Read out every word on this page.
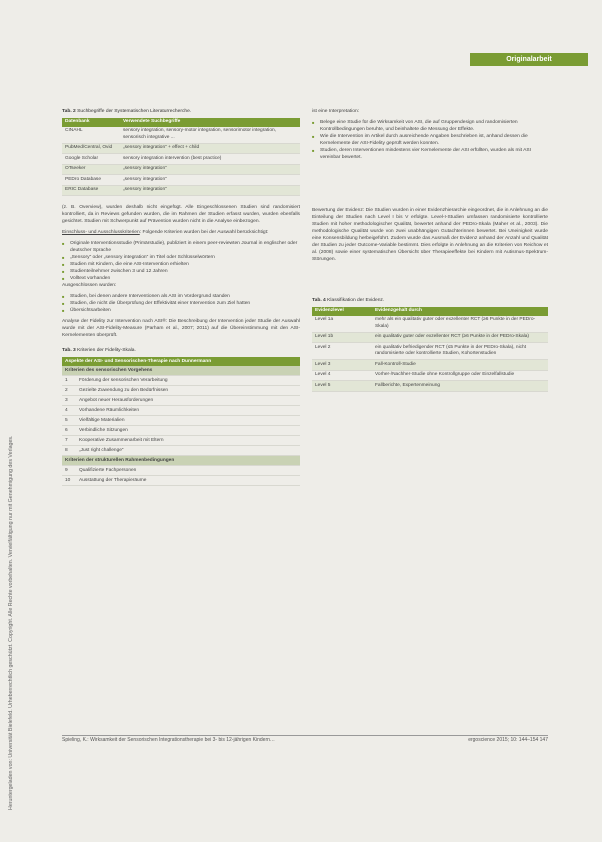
Originalarbeit
Heruntergeladen von: Universität Bielefeld. Urheberrechtlich geschützt. Copyright. Alle Rechte vorbehalten. Vervielfältigung nur mit Genehmigung des Verlages.
Tab. 2 Suchbegriffe der Systematischen Literaturrecherche.
Datenbank	Verwendete Suchbegriffe
CINAHL	sensory integration, sensory-motor integration, sensorimotor integration, sensorisch integrative ...
PubMed/Central, Ovid	„sensory integration“ + effect + child
Google Scholar	sensory integration intervention (best practice)
OTseeker	„sensory integration“
PEDro Database	„sensory integration“
ERIC Database	„sensory integration“

(z. B. Overview), wurden deshalb nicht eingefügt. Alle Eingeschlossenen Studien sind randomisiert kontrolliert, da in Reviews gefunden wurden, die im Rahmen der Studien erfasst wurden, wurden ebenfalls gesichtet. Studien mit Schwerpunkt auf Prävention wurden nicht in die Analyse einbezogen.

Einschluss- und Ausschlusskriterien: Folgende Kriterien wurden bei der Auswahl berücksichtigt:

■ Originale Interventionsstudie (Primärstudie), publiziert in einem peer-reviewten Journal in englischer oder deutscher Sprache
■ „Sensory“ oder „sensory integration“ im Titel oder Schlüsselwörtern
■ Studien mit Kindern, die eine ASI-Intervention erhielten
■ Studienteilnehmer zwischen 3 und 12 Jahren
■ Volltext vorhanden

Ausgeschlossen wurden:

■ Studien, bei denen andere Interventionen als ASI im Vordergrund standen
■ Studien, die nicht die Überprüfung der Effektivität einer Intervention zum Ziel hatten
■ Übersichtsarbeiten

Analyse der Fidelity zur Intervention nach ASI®: Die Beschreibung der Intervention jeder Studie der Auswahl wurde mit der ASI-Fidelity-Measure (Parham et al., 2007; 2011) auf die Übereinstimmung mit den ASI-Kernelementen überprüft.

Tab. 3 Kriterien der Fidelity-Skala.
Aspekte der ASI- und Sensorischen-Therapie nach Dunnermann	
Kriterien des sensorischen Vorgehens	
1	Förderung der sensorischen Verarbeitung
2	Gezielte Zuwendung zu den Bedürfnissen
3	Angebot neuer Herausforderungen
4	Vorhandene Räumlichkeiten
5	Vielfältige Materialien
6	Verbindliche Sitzungen
7	Kooperative Zusammenarbeit mit Eltern
8	„Just right challenge“
Kriterien der strukturellen Rahmenbedingungen	
9	Qualifizierte Fachpersonen
10	Ausstattung der Therapieräume

ist eine Interpretation:

■ Belege eine Studie für die Wirksamkeit von ASI, die auf Gruppendesign und randomisierten Kontrollbedingungen beruhte, und beinhaltete die Messung der Effekte.
■ Wie die Intervention im Artikel durch ausreichende Angaben beschrieben ist, anhand dessen die Kernelemente der ASI-Fidelity geprüft werden konnten.
■ Studien, deren Interventionen mindestens vier Kernelemente der ASI erfüllten, wurden als mit ASI vereinbar bewertet.

Bewertung der Evidenz: Die Studien wurden in einer Evidenzhierarchie eingeordnet, die in Anlehnung an die Einteilung der Studien nach Level I bis V erfolgte. Level-I-Studien umfassen randomisierte kontrollierte Studien mit hoher methodologischer Qualität, bewertet anhand der PEDro-Skala (Maher et al., 2003). Die methodologische Qualität wurde von zwei unabhängigen Gutachterinnen bewertet. Bei Uneinigkeit wurde eine Konsensbildung herbeigeführt. Zudem wurde das Ausmaß der Evidenz anhand der Anzahl und Qualität der Studien zu jeder Outcome-Variable bestimmt. Dies erfolgte in Anlehnung an die Kriterien von Reichow et al. (2008) sowie einer systematischen Übersicht über Therapieeffekte bei Kindern mit Autismus-Spektrum-Störungen.

Tab. 4 Klassifikation der Evidenz.
Evidenzlevel	Evidenzgehalt durch
Level 1a	mehr als ein qualitativ guter oder exzellenter RCT (≥6 Punkte in der PEDro-Skala)
Level 1b	ein qualitativ guter oder exzellenter RCT (≥6 Punkte in der PEDro-Skala)
Level 2	ein qualitativ befriedigender RCT (≤5 Punkte in der PEDro-Skala), nicht randomisierte oder kontrollierte Studien, Kohortenstudien
Level 3	Fall-Kontroll-Studie
Level 4	Vorher-/Nachher-Studie ohne Kontrollgruppe oder Einzelfallstudie
Level 5	Fallberichte, Expertenmeinung
Spieling, K.: Wirksamkeit der Sensorischen Integrationstherapie bei 3- bis 12-jährigen Kindern…	ergoscience 2015; 10: 144–154 147
